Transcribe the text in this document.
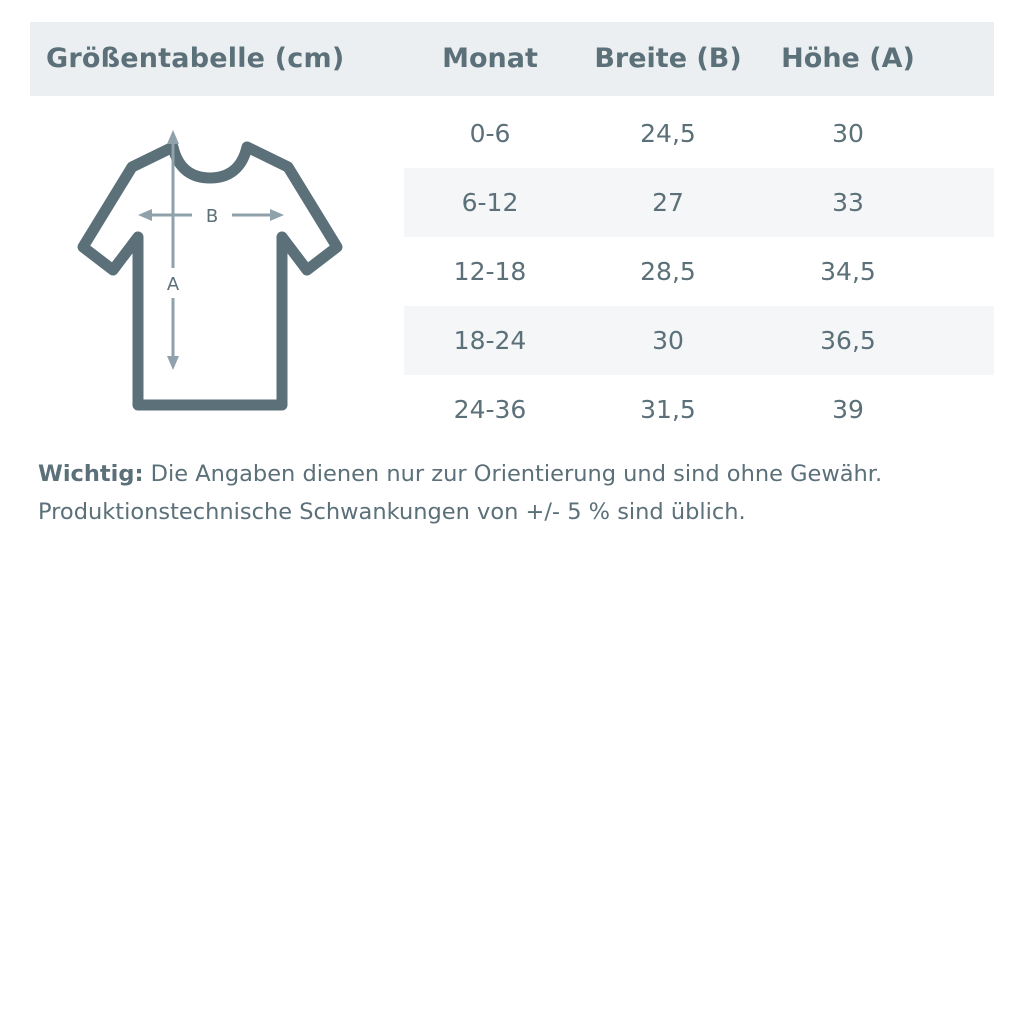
Größentabelle (cm)	Monat	Breite (B)	Höhe (A)
0-6	24,5	30
6-12	27	33
12-18	28,5	34,5
18-24	30	36,5
24-36	31,5	39
B
A
Wichtig: Die Angaben dienen nur zur Orientierung und sind ohne Gewähr.
Produktionstechnische Schwankungen von +/- 5 % sind üblich.
